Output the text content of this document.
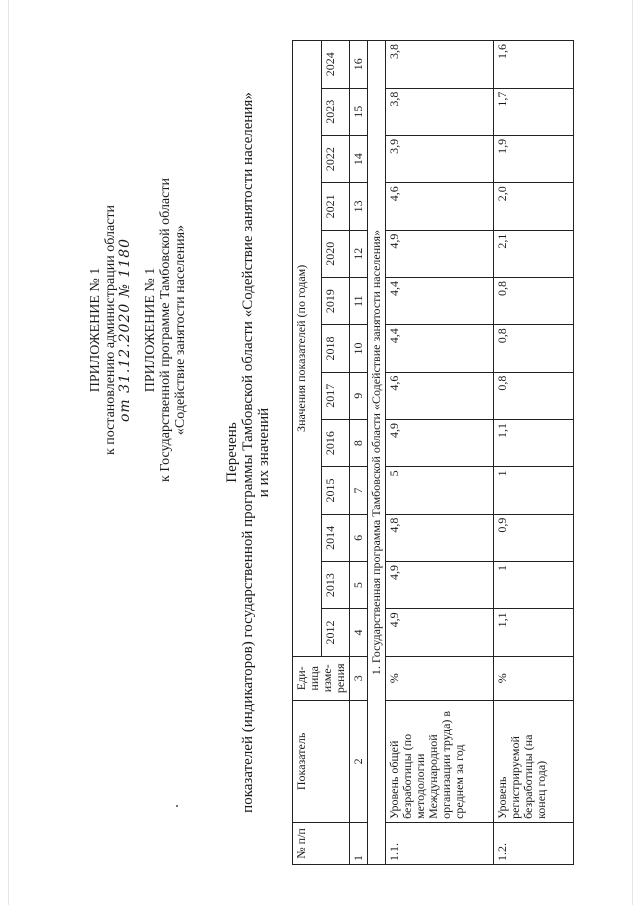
ПРИЛОЖЕНИЕ № 1 к постановлению администрации области от 31.12.2020 № 1180 ПРИЛОЖЕНИЕ № 1 к Государственной программе Тамбовской области «Содействие занятости населения»
Перечень показателей (индикаторов) государственной программы Тамбовской области «Содействие занятости населения» и их значений
№ п/п	Показатель	Еди-ница изме-рения	Значения показателей (по годам)												
			2012	2013	2014	2015	2016	2017	2018	2019	2020	2021	2022	2023	2024
1	2	3	4	5	6	7	8	9	10	11	12	13	14	15	16
1. Государственная программа Тамбовской области «Содействие занятости населения»															
1.1.	Уровень общей безработицы (по методологии Международной организации труда) в среднем за год	%	4,9	4,9	4,8	5	4,9	4,6	4,4	4,4	4,9	4,6	3,9	3,8	3,8
1.2.	Уровень регистрируемой безработицы (на конец года)	%	1,1	1	0,9	1	1,1	0,8	0,8	0,8	2,1	2,0	1,9	1,7	1,6
